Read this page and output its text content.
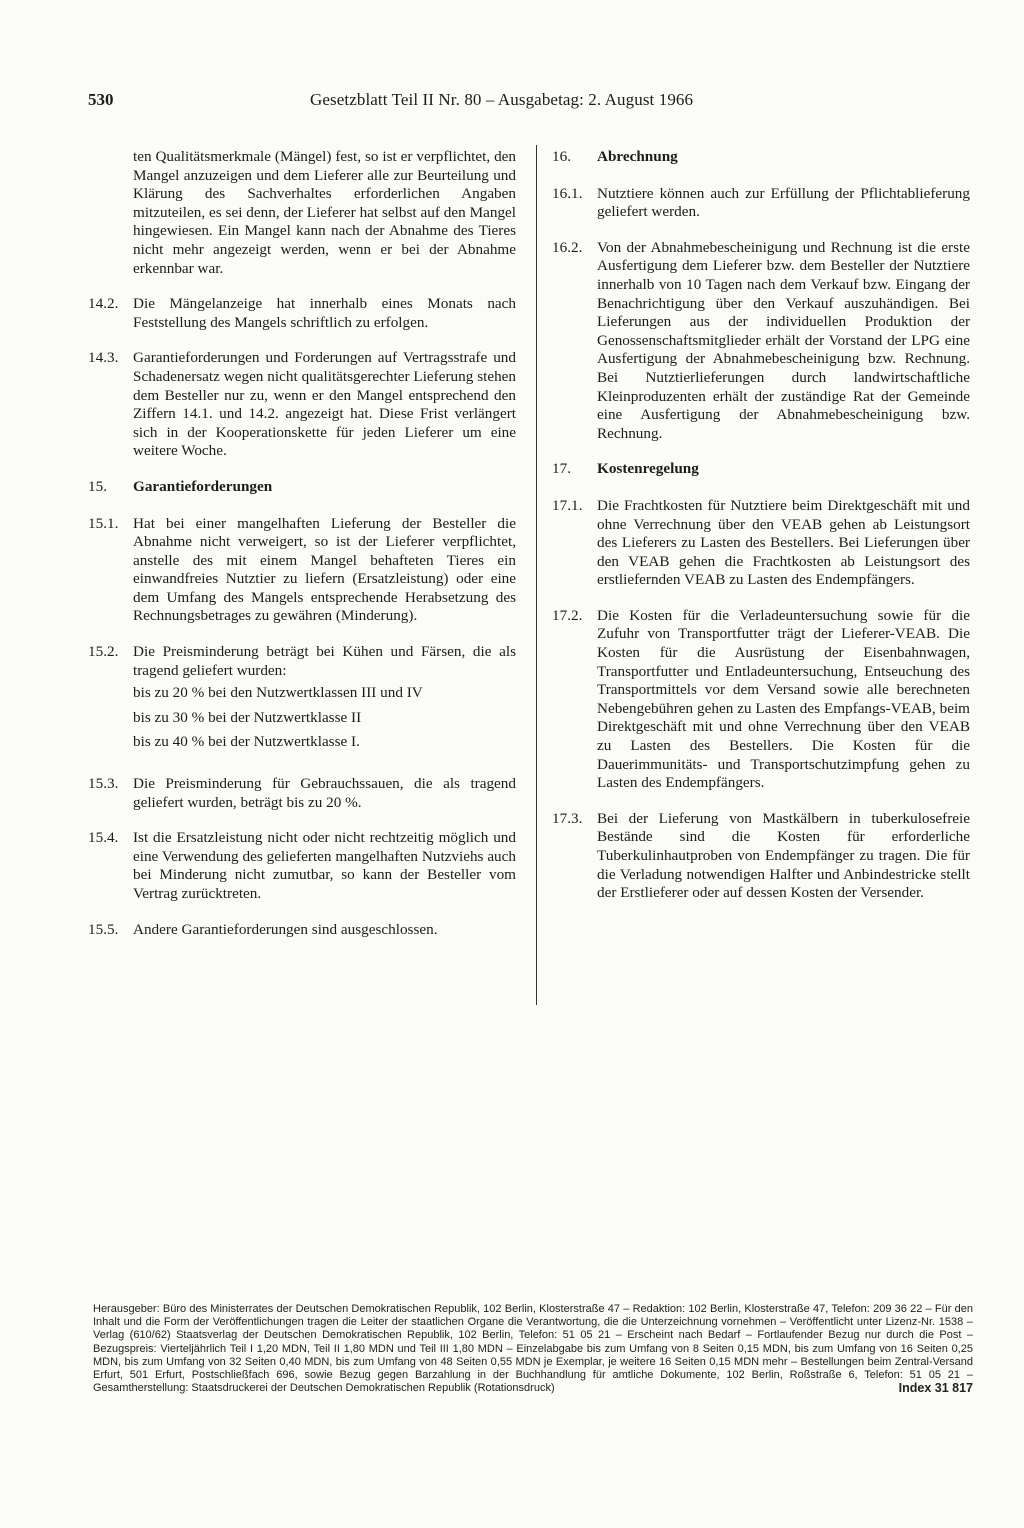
530	Gesetzblatt Teil II Nr. 80 – Ausgabetag: 2. August 1966
ten Qualitätsmerkmale (Mängel) fest, so ist er verpflichtet, den Mangel anzuzeigen und dem Lieferer alle zur Beurteilung und Klärung des Sachverhaltes erforderlichen Angaben mitzuteilen, es sei denn, der Lieferer hat selbst auf den Mangel hingewiesen. Ein Mangel kann nach der Abnahme des Tieres nicht mehr angezeigt werden, wenn er bei der Abnahme erkennbar war.
14.2. Die Mängelanzeige hat innerhalb eines Monats nach Feststellung des Mangels schriftlich zu erfolgen.
14.3. Garantieforderungen und Forderungen auf Vertragsstrafe und Schadenersatz wegen nicht qualitätsgerechter Lieferung stehen dem Besteller nur zu, wenn er den Mangel entsprechend den Ziffern 14.1. und 14.2. angezeigt hat. Diese Frist verlängert sich in der Kooperationskette für jeden Lieferer um eine weitere Woche.
15.	Garantieforderungen
15.1. Hat bei einer mangelhaften Lieferung der Besteller die Abnahme nicht verweigert, so ist der Lieferer verpflichtet, anstelle des mit einem Mangel behafteten Tieres ein einwandfreies Nutztier zu liefern (Ersatzleistung) oder eine dem Umfang des Mangels entsprechende Herabsetzung des Rechnungsbetrages zu gewähren (Minderung).
15.2. Die Preisminderung beträgt bei Kühen und Färsen, die als tragend geliefert wurden:
bis zu 20 % bei den Nutzwertklassen III und IV
bis zu 30 % bei der Nutzwertklasse II
bis zu 40 % bei der Nutzwertklasse I.
15.3. Die Preisminderung für Gebrauchssauen, die als tragend geliefert wurden, beträgt bis zu 20 %.
15.4. Ist die Ersatzleistung nicht oder nicht rechtzeitig möglich und eine Verwendung des gelieferten mangelhaften Nutzviehs auch bei Minderung nicht zumutbar, so kann der Besteller vom Vertrag zurücktreten.
15.5. Andere Garantieforderungen sind ausgeschlossen.
16.	Abrechnung
16.1. Nutztiere können auch zur Erfüllung der Pflichtablieferung geliefert werden.
16.2. Von der Abnahmebescheinigung und Rechnung ist die erste Ausfertigung dem Lieferer bzw. dem Besteller der Nutztiere innerhalb von 10 Tagen nach dem Verkauf bzw. Eingang der Benachrichtigung über den Verkauf auszuhändigen. Bei Lieferungen aus der individuellen Produktion der Genossenschaftsmitglieder erhält der Vorstand der LPG eine Ausfertigung der Abnahmebescheinigung bzw. Rechnung. Bei Nutztierlieferungen durch landwirtschaftliche Kleinproduzenten erhält der zuständige Rat der Gemeinde eine Ausfertigung der Abnahmebescheinigung bzw. Rechnung.
17.	Kostenregelung
17.1. Die Frachtkosten für Nutztiere beim Direktgeschäft mit und ohne Verrechnung über den VEAB gehen ab Leistungsort des Lieferers zu Lasten des Bestellers. Bei Lieferungen über den VEAB gehen die Frachtkosten ab Leistungsort des erstliefernden VEAB zu Lasten des Endempfängers.
17.2. Die Kosten für die Verladeuntersuchung sowie für die Zufuhr von Transportfutter trägt der Lieferer-VEAB. Die Kosten für die Ausrüstung der Eisenbahnwagen, Transportfutter und Entladeuntersuchung, Entseuchung des Transportmittels vor dem Versand sowie alle berechneten Nebengebühren gehen zu Lasten des Empfangs-VEAB, beim Direktgeschäft mit und ohne Verrechnung über den VEAB zu Lasten des Bestellers. Die Kosten für die Dauerimmunitäts- und Transportschutzimpfung gehen zu Lasten des Endempfängers.
17.3. Bei der Lieferung von Mastkälbern in tuberkulosefreie Bestände sind die Kosten für erforderliche Tuberkulinhautproben von Endempfänger zu tragen. Die für die Verladung notwendigen Halfter und Anbindestricke stellt der Erstlieferer oder auf dessen Kosten der Versender.
Herausgeber: Büro des Ministerrates der Deutschen Demokratischen Republik, 102 Berlin, Klosterstraße 47 – Redaktion: 102 Berlin, Klosterstraße 47, Telefon: 209 36 22 – Für den Inhalt und die Form der Veröffentlichungen tragen die Leiter der staatlichen Organe die Verantwortung, die die Unterzeichnung vornehmen – Veröffentlicht unter Lizenz-Nr. 1538 – Verlag (610/62) Staatsverlag der Deutschen Demokratischen Republik, 102 Berlin, Telefon: 51 05 21 – Erscheint nach Bedarf – Fortlaufender Bezug nur durch die Post – Bezugspreis: Vierteljährlich Teil I 1,20 MDN, Teil II 1,80 MDN und Teil III 1,80 MDN – Einzelabgabe bis zum Umfang von 8 Seiten 0,15 MDN, bis zum Umfang von 16 Seiten 0,25 MDN, bis zum Umfang von 32 Seiten 0,40 MDN, bis zum Umfang von 48 Seiten 0,55 MDN je Exemplar, je weitere 16 Seiten 0,15 MDN mehr – Bestellungen beim Zentral-Versand Erfurt, 501 Erfurt, Postschließfach 696, sowie Bezug gegen Barzahlung in der Buchhandlung für amtliche Dokumente, 102 Berlin, Roßstraße 6, Telefon: 51 05 21 – Gesamtherstellung: Staatsdruckerei der Deutschen Demokratischen Republik (Rotationsdruck)	Index 31 817
